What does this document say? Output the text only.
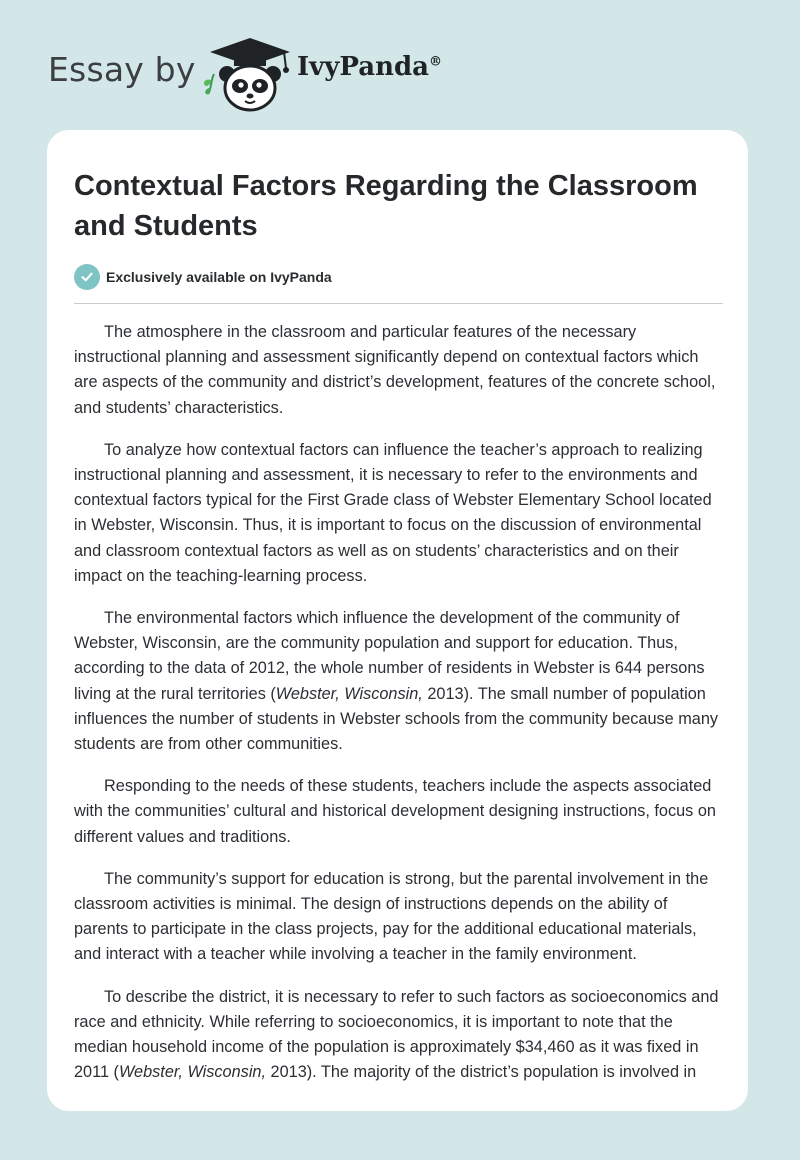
Essay by	IvyPanda®
Contextual Factors Regarding the Classroom and Students
Exclusively available on IvyPanda

The atmosphere in the classroom and particular features of the necessary instructional planning and assessment significantly depend on contextual factors which are aspects of the community and district’s development, features of the concrete school, and students’ characteristics.

To analyze how contextual factors can influence the teacher’s approach to realizing instructional planning and assessment, it is necessary to refer to the environments and contextual factors typical for the First Grade class of Webster Elementary School located in Webster, Wisconsin. Thus, it is important to focus on the discussion of environmental and classroom contextual factors as well as on students’ characteristics and on their impact on the teaching-learning process.

The environmental factors which influence the development of the community of Webster, Wisconsin, are the community population and support for education. Thus, according to the data of 2012, the whole number of residents in Webster is 644 persons living at the rural territories (Webster, Wisconsin, 2013). The small number of population influences the number of students in Webster schools from the community because many students are from other communities.

Responding to the needs of these students, teachers include the aspects associated with the communities’ cultural and historical development designing instructions, focus on different values and traditions.

The community’s support for education is strong, but the parental involvement in the classroom activities is minimal. The design of instructions depends on the ability of parents to participate in the class projects, pay for the additional educational materials, and interact with a teacher while involving a teacher in the family environment.

To describe the district, it is necessary to refer to such factors as socioeconomics and race and ethnicity. While referring to socioeconomics, it is important to note that the median household income of the population is approximately $34,460 as it was fixed in 2011 (Webster, Wisconsin, 2013). The majority of the district’s population is involved in
